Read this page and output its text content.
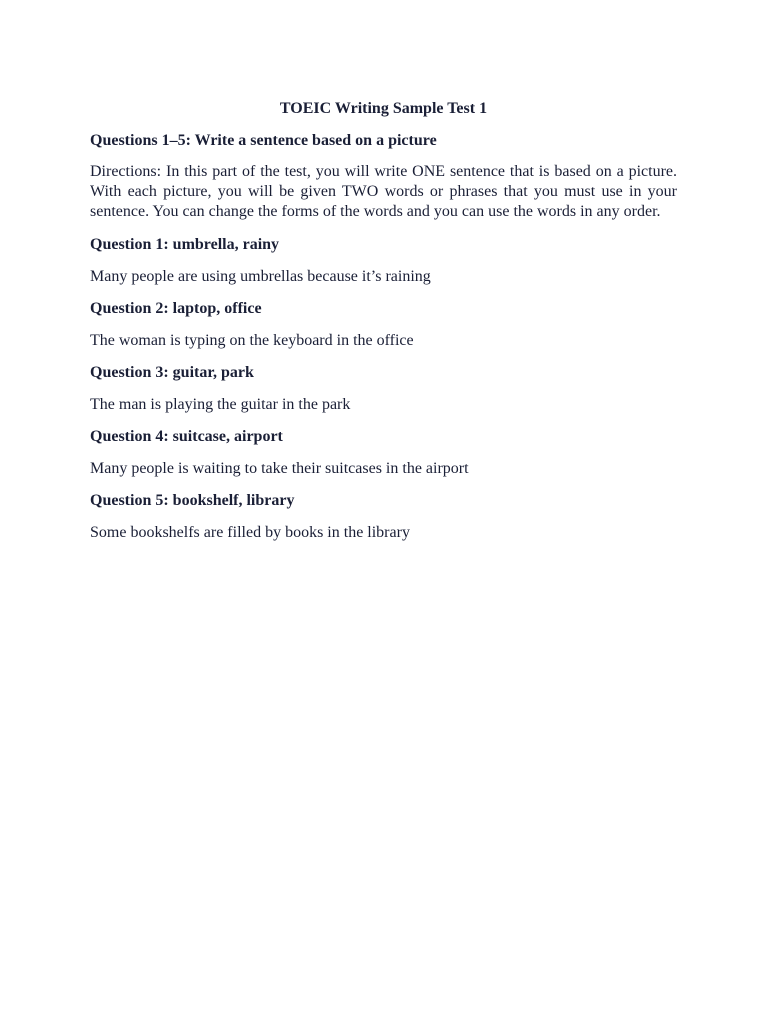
TOEIC Writing Sample Test 1
Questions 1–5: Write a sentence based on a picture
Directions: In this part of the test, you will write ONE sentence that is based on a picture. With each picture, you will be given TWO words or phrases that you must use in your sentence. You can change the forms of the words and you can use the words in any order.
Question 1: umbrella, rainy
Many people are using umbrellas because it’s raining
Question 2: laptop, office
The woman is typing on the keyboard in the office
Question 3: guitar, park
The man is playing the guitar in the park
Question 4: suitcase, airport
Many people is waiting to take their suitcases in the airport
Question 5: bookshelf, library
Some bookshelfs are filled by books in the library
